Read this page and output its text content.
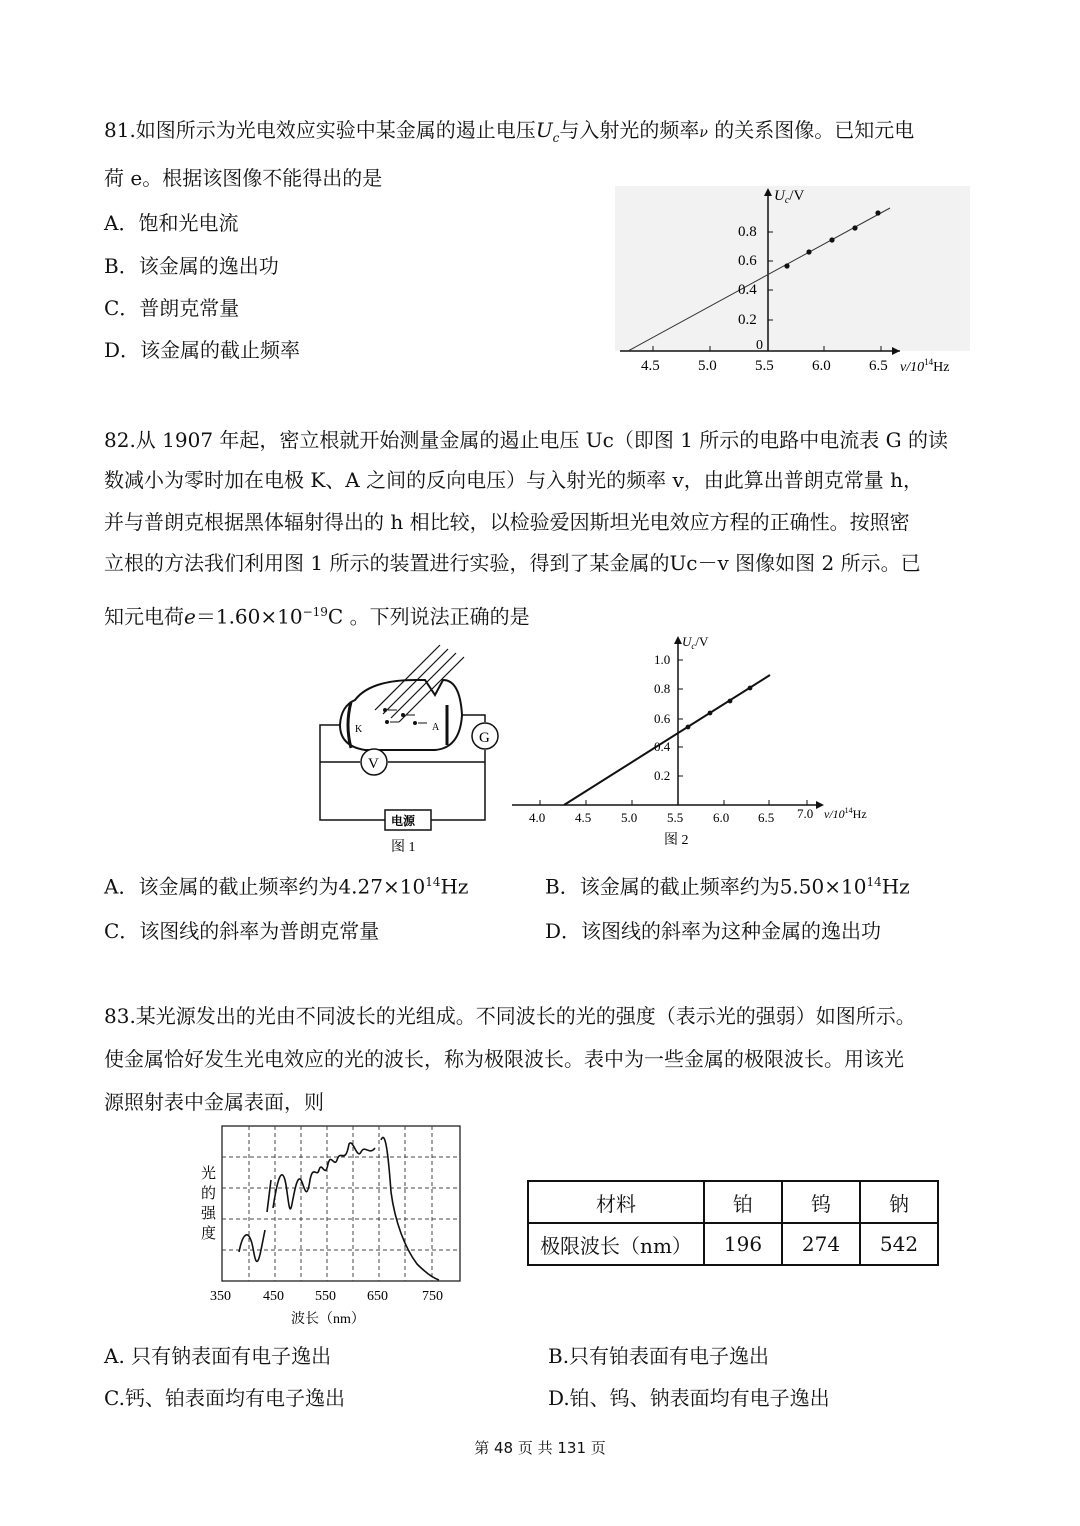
81.如图所示为光电效应实验中某金属的遏止电压$U_c$与入射光的频率ν 的关系图像。已知元电
荷 e。根据该图像不能得出的是
A．饱和光电流
B．该金属的逸出功
C．普朗克常量
D．该金属的截止频率
0.8
0.6
0.4
0.2
0
4.5	5.0	5.5	6.0	6.5 $\nu/10^{14}Hz$
$U_c/V$
82.从 1907 年起，密立根就开始测量金属的遏止电压 Uc（即图 1 所示的电路中电流表 G 的读
数减小为零时加在电极 K、A 之间的反向电压）与入射光的频率 v，由此算出普朗克常量 h，
并与普朗克根据黑体辐射得出的 h 相比较，以检验爱因斯坦光电效应方程的正确性。按照密
立根的方法我们利用图 1 所示的装置进行实验，得到了某金属的Uc－v 图像如图 2 所示。已
知元电荷$e=1.60\times 10^{-19}C$ 。下列说法正确的是
K	A
G
V
电源
图 1
1.0
0.8
0.6
0.4
0.2
4.0 4.5 5.0 5.5 6.0 6.5 7.0 $\nu/10^{14}Hz$
$U_c/V$
图 2
A．该金属的截止频率约为$4.27\times 10^{14}Hz$	B．该金属的截止频率约为$5.50\times 10^{14}Hz$
C．该图线的斜率为普朗克常量	D．该图线的斜率为这种金属的逸出功
83.某光源发出的光由不同波长的光组成。不同波长的光的强度（表示光的强弱）如图所示。
使金属恰好发生光电效应的光的波长，称为极限波长。表中为一些金属的极限波长。用该光
源照射表中金属表面，则
光
的
强
度
350 450 550 650 750
波长（nm）
材料	铂	钨	钠
极限波长（nm）	196	274	542
A. 只有钠表面有电子逸出	B.只有铂表面有电子逸出
C.钙、铂表面均有电子逸出	D.铂、钨、钠表面均有电子逸出
第 48 页 共 131 页
